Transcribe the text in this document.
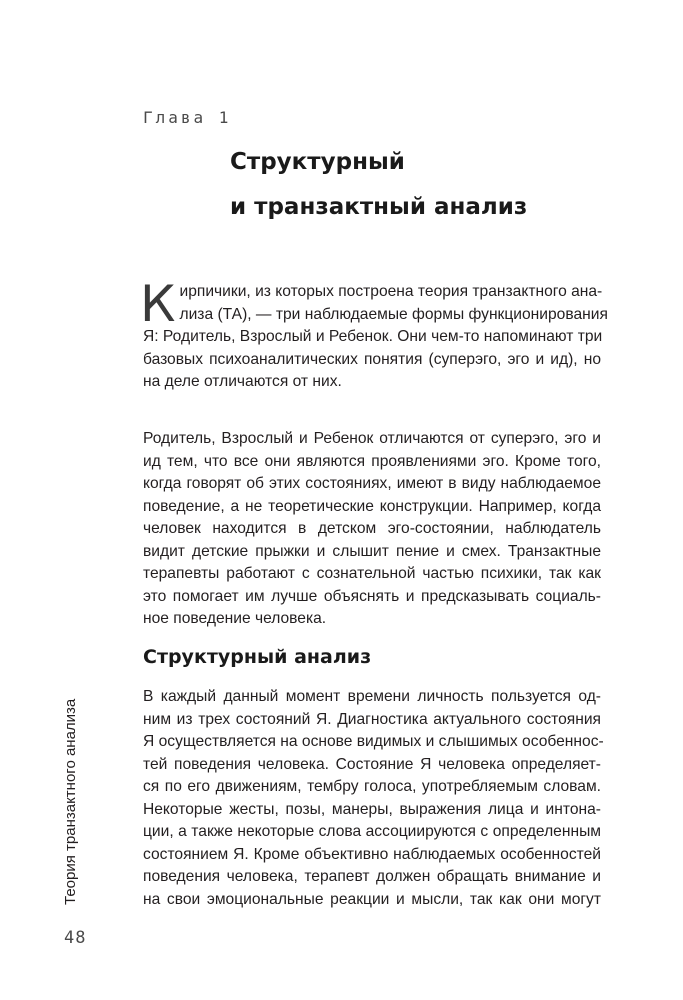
Глава 1
Структурный
и транзактный анализ
К ирпичики, из которых построена теория транзактного ана-
лиза (ТА), — три наблюдаемые формы функционирования
Я: Родитель, Взрослый и Ребенок. Они чем-то напоминают три
базовых психоаналитических понятия (суперэго, эго и ид), но
на деле отличаются от них.
Родитель, Взрослый и Ребенок отличаются от суперэго, эго и
ид тем, что все они являются проявлениями эго. Кроме того,
когда говорят об этих состояниях, имеют в виду наблюдаемое
поведение, а не теоретические конструкции. Например, когда
человек находится в детском эго-состоянии, наблюдатель
видит детские прыжки и слышит пение и смех. Транзактные
терапевты работают с сознательной частью психики, так как
это помогает им лучше объяснять и предсказывать социаль-
ное поведение человека.
Структурный анализ
В каждый данный момент времени личность пользуется од-
ним из трех состояний Я. Диагностика актуального состояния
Я осуществляется на основе видимых и слышимых особеннос-
тей поведения человека. Состояние Я человека определяет-
ся по его движениям, тембру голоса, употребляемым словам.
Некоторые жесты, позы, манеры, выражения лица и интона-
ции, а также некоторые слова ассоциируются с определенным
состоянием Я. Кроме объективно наблюдаемых особенностей
поведения человека, терапевт должен обращать внимание и
на свои эмоциональные реакции и мысли, так как они могут
Теория транзактного анализа
48
